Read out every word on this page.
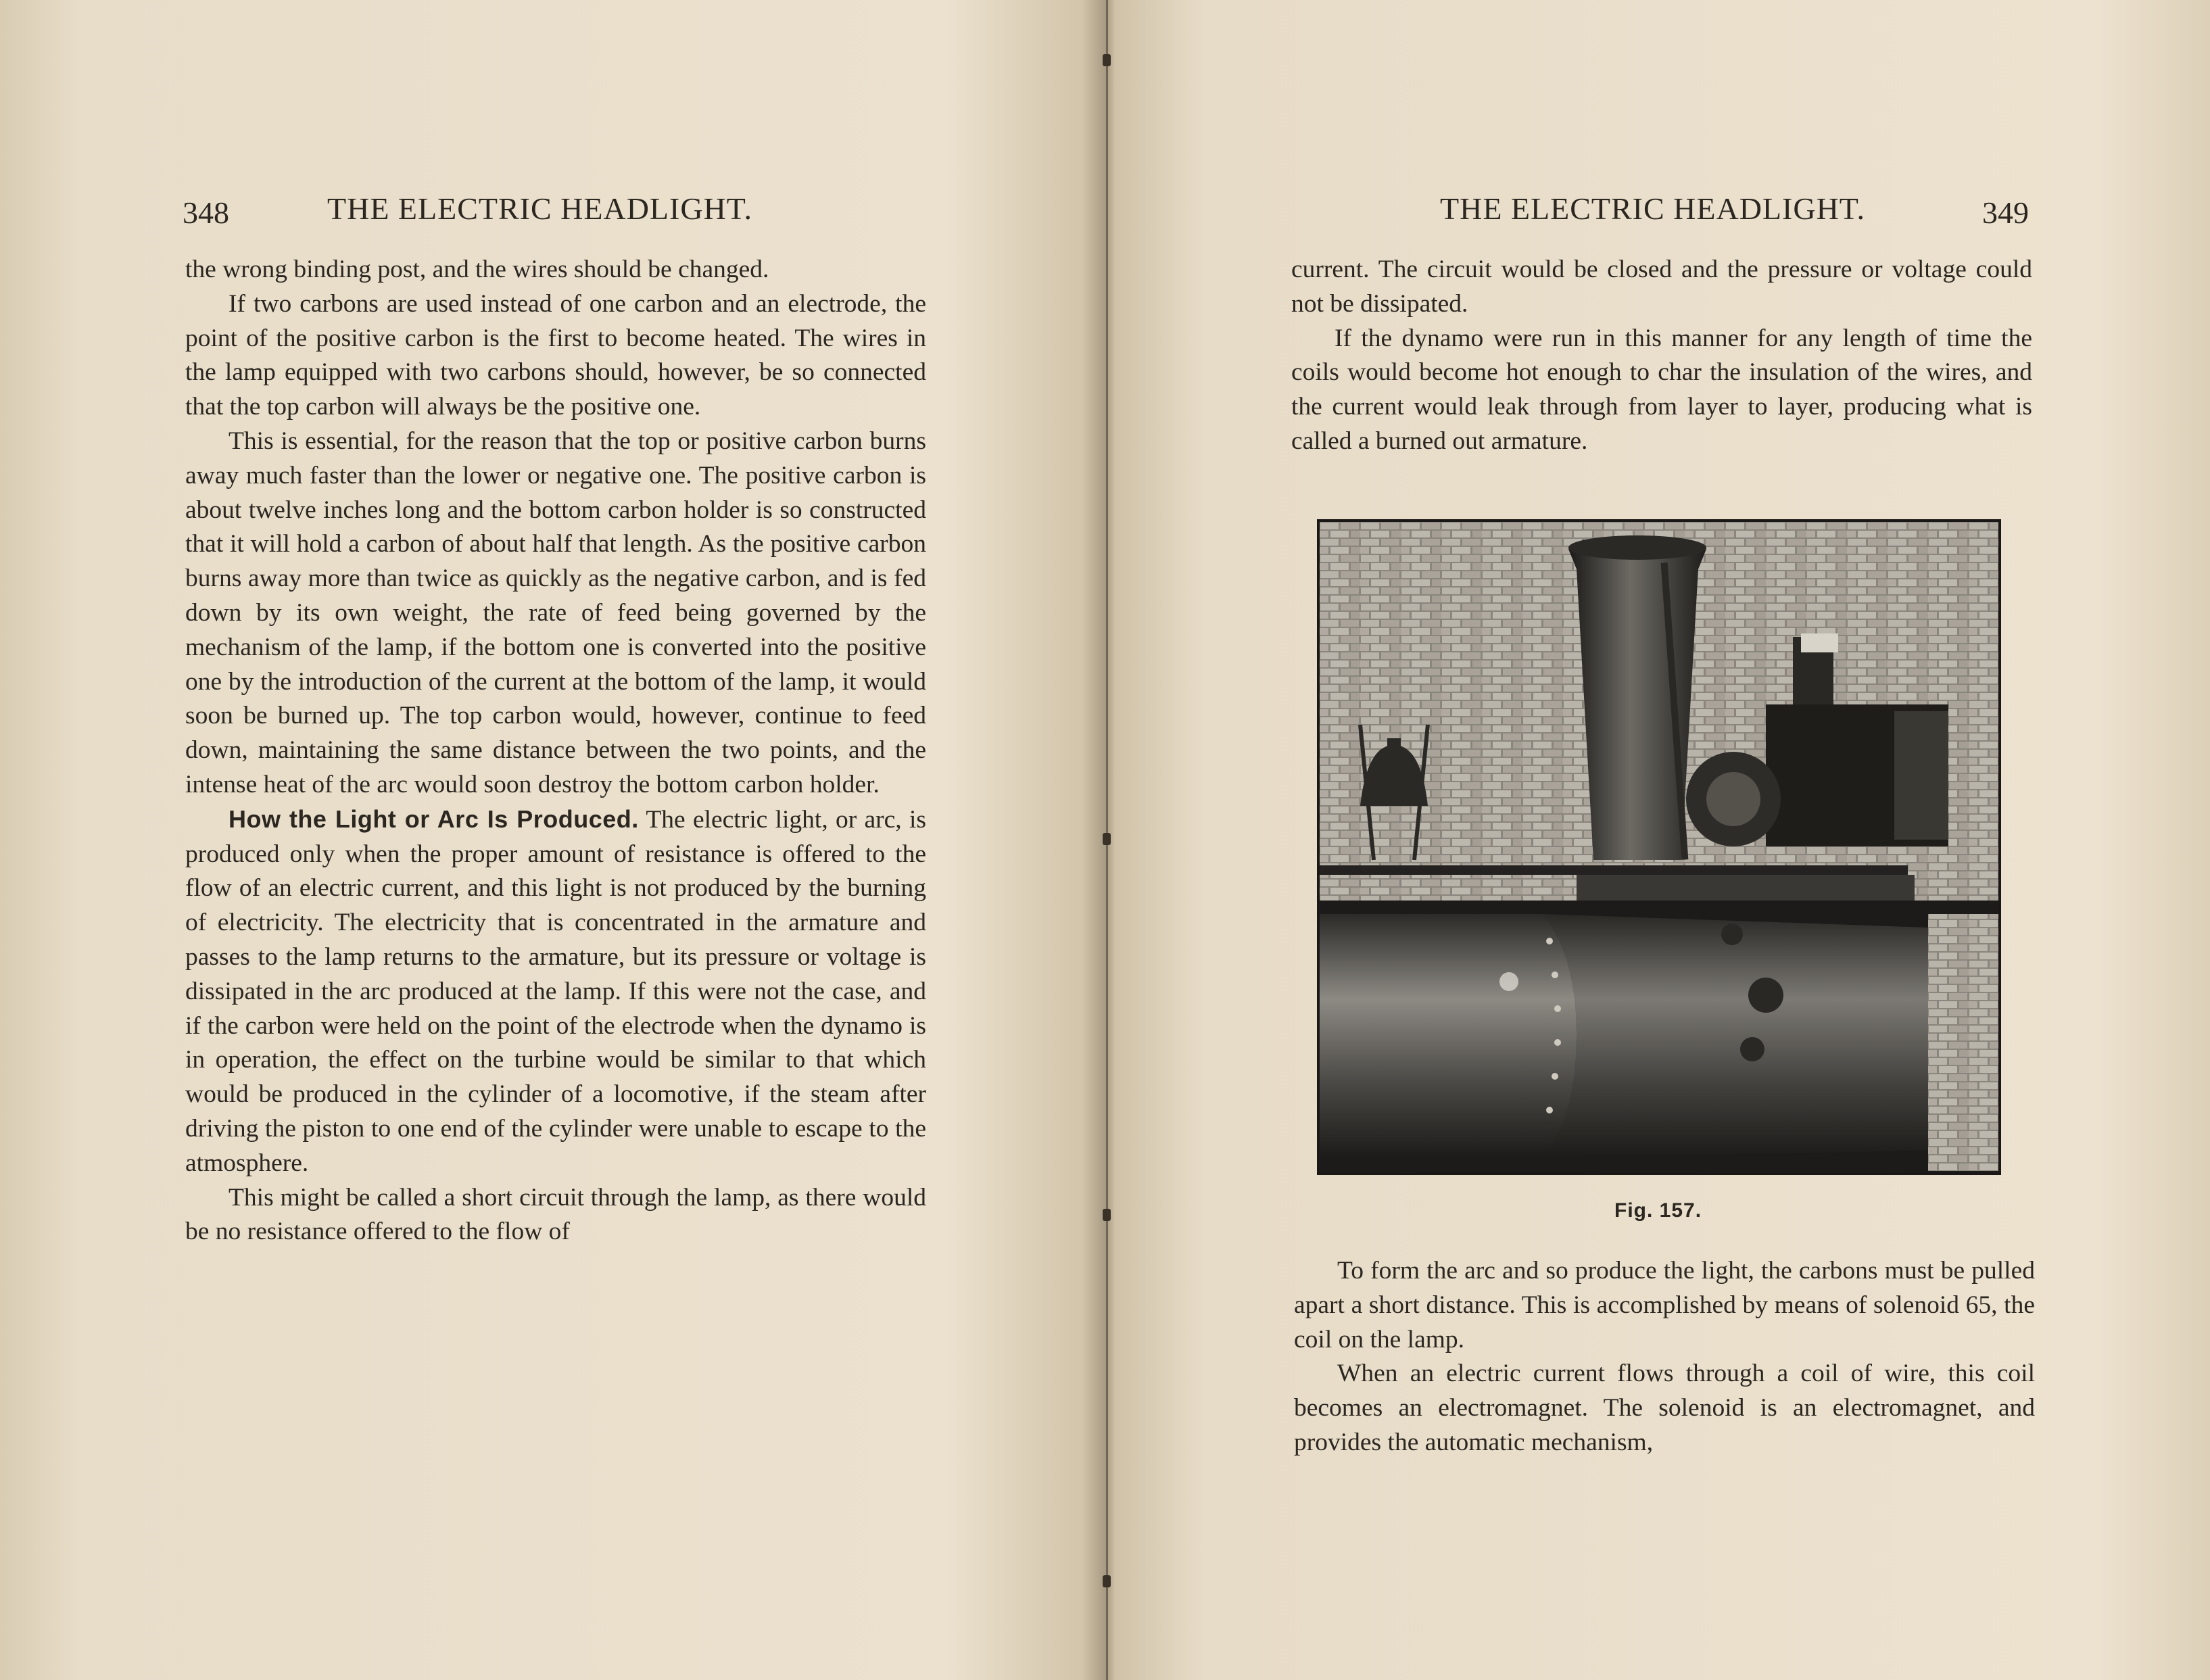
348	THE ELECTRIC HEADLIGHT.

the wrong binding post, and the wires should be changed.

If two carbons are used instead of one carbon and an electrode, the point of the positive carbon is the first to become heated. The wires in the lamp equipped with two carbons should, however, be so connected that the top carbon will always be the positive one.

This is essential, for the reason that the top or positive carbon burns away much faster than the lower or negative one. The positive carbon is about twelve inches long and the bottom carbon holder is so constructed that it will hold a carbon of about half that length. As the positive carbon burns away more than twice as quickly as the negative carbon, and is fed down by its own weight, the rate of feed being governed by the mechanism of the lamp, if the bottom one is converted into the positive one by the introduction of the current at the bottom of the lamp, it would soon be burned up. The top carbon would, however, continue to feed down, maintaining the same distance between the two points, and the intense heat of the arc would soon destroy the bottom carbon holder.

How the Light or Arc Is Produced. The electric light, or arc, is produced only when the proper amount of resistance is offered to the flow of an electric current, and this light is not produced by the burning of electricity. The electricity that is concentrated in the armature and passes to the lamp returns to the armature, but its pressure or voltage is dissipated in the arc produced at the lamp. If this were not the case, and if the carbon were held on the point of the electrode when the dynamo is in operation, the effect on the turbine would be similar to that which would be produced in the cylinder of a locomotive, if the steam after driving the piston to one end of the cylinder were unable to escape to the atmosphere.

This might be called a short circuit through the lamp, as there would be no resistance offered to the flow of

THE ELECTRIC HEADLIGHT.	349

current. The circuit would be closed and the pressure or voltage could not be dissipated.

If the dynamo were run in this manner for any length of time the coils would become hot enough to char the insulation of the wires, and the current would leak through from layer to layer, producing what is called a burned out armature.

To form the arc and so produce the light, the carbons must be pulled apart a short distance. This is accomplished by means of solenoid 65, the coil on the lamp.

When an electric current flows through a coil of wire, this coil becomes an electromagnet. The solenoid is an electromagnet, and provides the automatic mechanism,

Fig. 157.
